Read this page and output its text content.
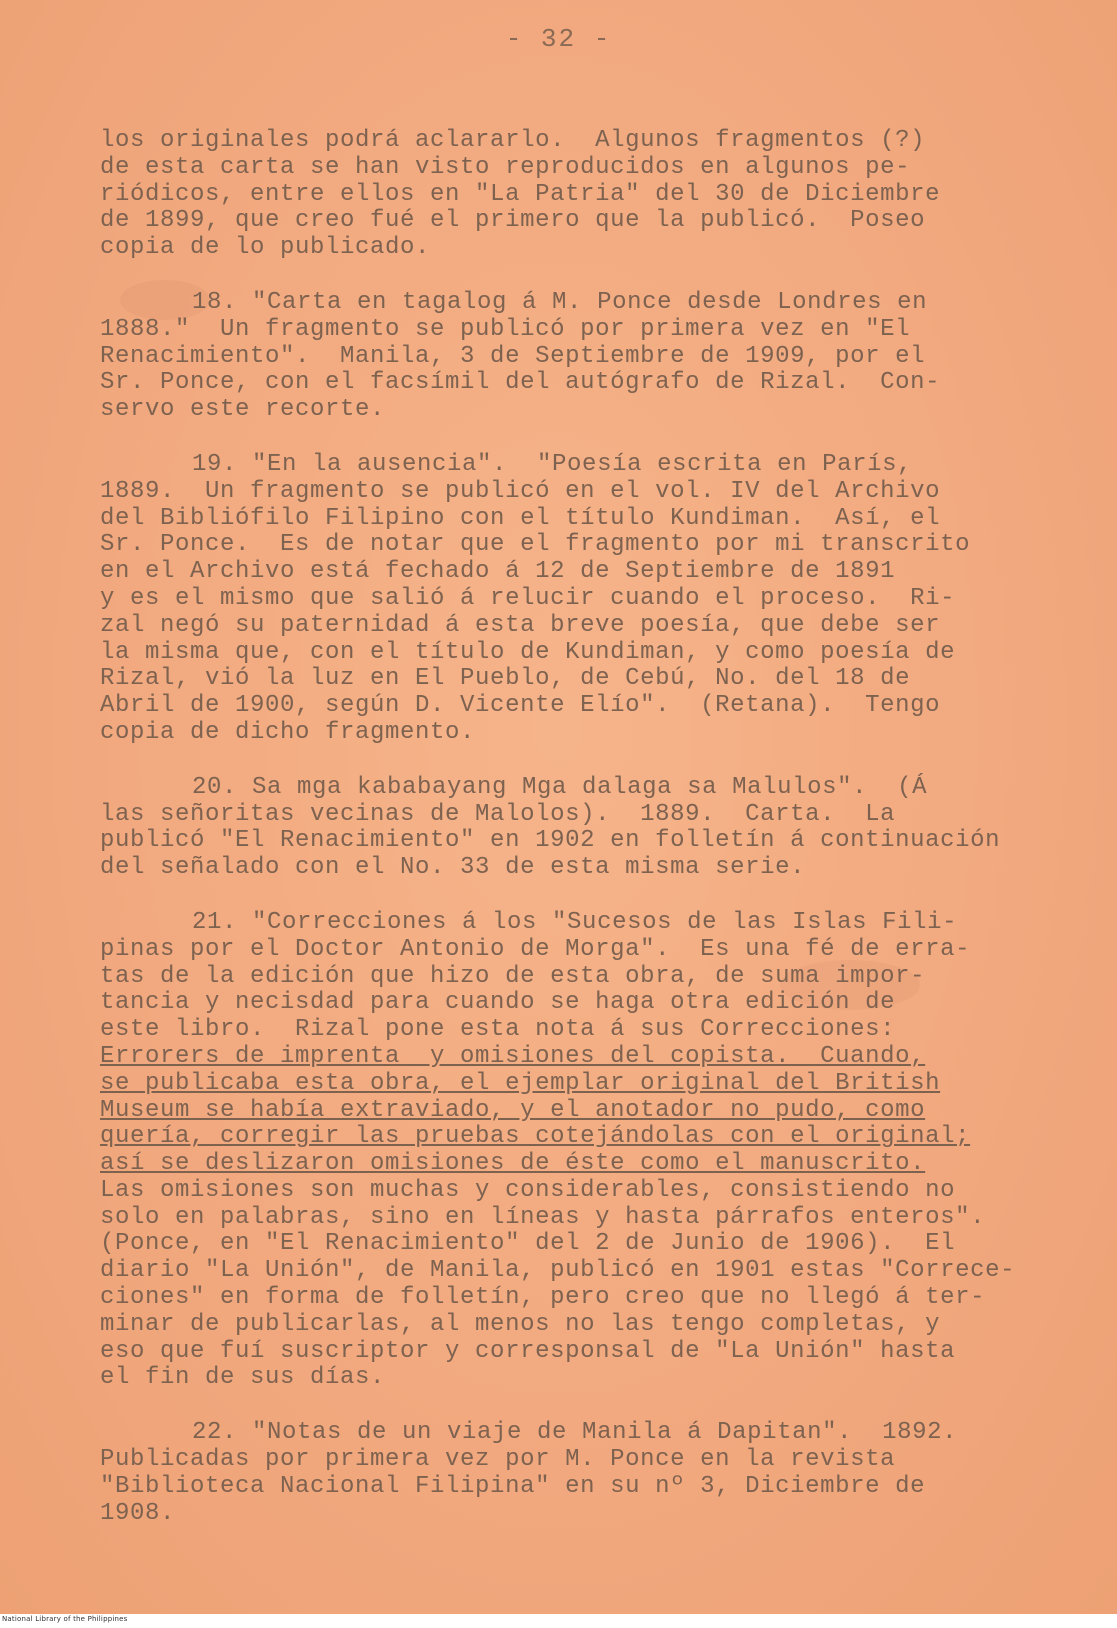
- 32 -
los originales podrá aclararlo.  Algunos fragmentos (?)
de esta carta se han visto reproducidos en algunos pe-
riódicos, entre ellos en "La Patria" del 30 de Diciembre
de 1899, que creo fué el primero que la publicó.  Poseo
copia de lo publicado.
18. "Carta en tagalog á M. Ponce desde Londres en
1888."  Un fragmento se publicó por primera vez en "El
Renacimiento".  Manila, 3 de Septiembre de 1909, por el
Sr. Ponce, con el facsímil del autógrafo de Rizal.  Con-
servo este recorte.
19. "En la ausencia".  "Poesía escrita en París,
1889.  Un fragmento se publicó en el vol. IV del Archivo
del Bibliófilo Filipino con el título Kundiman.  Así, el
Sr. Ponce.  Es de notar que el fragmento por mi transcrito
en el Archivo está fechado á 12 de Septiembre de 1891
y es el mismo que salió á relucir cuando el proceso.  Ri-
zal negó su paternidad á esta breve poesía, que debe ser
la misma que, con el título de Kundiman, y como poesía de
Rizal, vió la luz en El Pueblo, de Cebú, No. del 18 de
Abril de 1900, según D. Vicente Elío".  (Retana).  Tengo
copia de dicho fragmento.
20. Sa mga kababayang Mga dalaga sa Malulos".  (Á
las señoritas vecinas de Malolos).  1889.  Carta.  La
publicó "El Renacimiento" en 1902 en folletín á continuación
del señalado con el No. 33 de esta misma serie.
21. "Correcciones á los "Sucesos de las Islas Fili-
pinas por el Doctor Antonio de Morga".  Es una fé de erra-
tas de la edición que hizo de esta obra, de suma impor-
tancia y necisdad para cuando se haga otra edición de
este libro.  Rizal pone esta nota á sus Correcciones:
Errorers de imprenta  y omisiones del copista.  Cuando,
se publicaba esta obra, el ejemplar original del British
Museum se había extraviado, y el anotador no pudo, como
quería, corregir las pruebas cotejándolas con el original;
así se deslizaron omisiones de éste como el manuscrito.
Las omisiones son muchas y considerables, consistiendo no
solo en palabras, sino en líneas y hasta párrafos enteros".
(Ponce, en "El Renacimiento" del 2 de Junio de 1906).  El
diario "La Unión", de Manila, publicó en 1901 estas "Correce-
ciones" en forma de folletín, pero creo que no llegó á ter-
minar de publicarlas, al menos no las tengo completas, y
eso que fuí suscriptor y corresponsal de "La Unión" hasta
el fin de sus días.
22. "Notas de un viaje de Manila á Dapitan".  1892.
Publicadas por primera vez por M. Ponce en la revista
"Biblioteca Nacional Filipina" en su nº 3, Diciembre de
1908.
National Library of the Philippines
